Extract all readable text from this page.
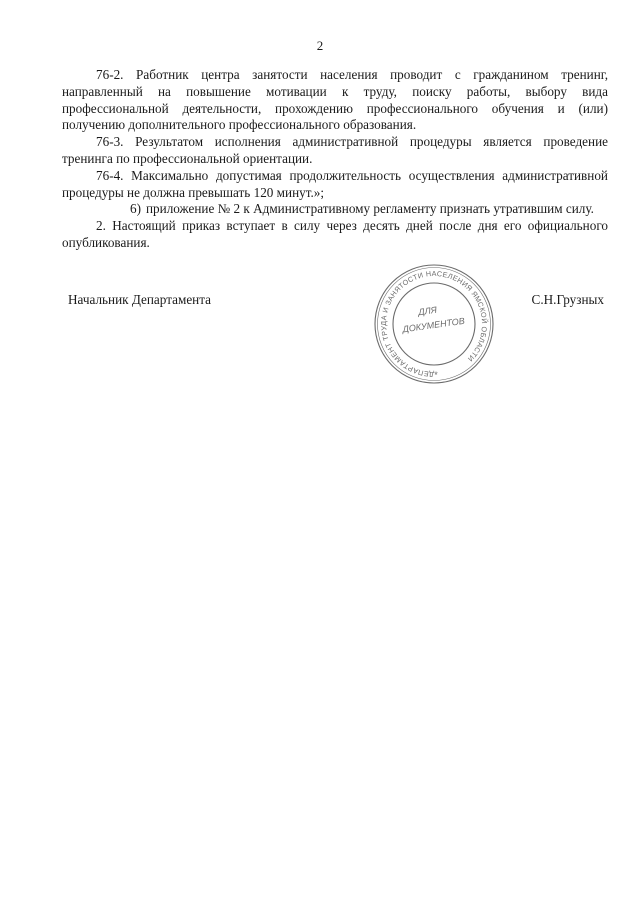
2

76-2. Работник центра занятости населения проводит с гражданином тренинг, направленный на повышение мотивации к труду, поиску работы, выбору вида профессиональной деятельности, прохождению профессионального обучения и (или) получению дополнительного профессионального образования.

76-3. Результатом исполнения административной процедуры является проведение тренинга по профессиональной ориентации.

76-4. Максимально допустимая продолжительность осуществления административной процедуры не должна превышать 120 минут.»;

6) приложение № 2 к Административному регламенту признать утратившим силу.

2. Настоящий приказ вступает в силу через десять дней после дня его официального опубликования.

Начальник Департамента	С.Н.Грузных
ДЕПАРТАМЕНТ ТРУДА И ЗАНЯТОСТИ НАСЕЛЕНИЯ ЯМСКОЙ ОБЛАСТИ
ДЛЯ
ДОКУМЕНТОВ
*
